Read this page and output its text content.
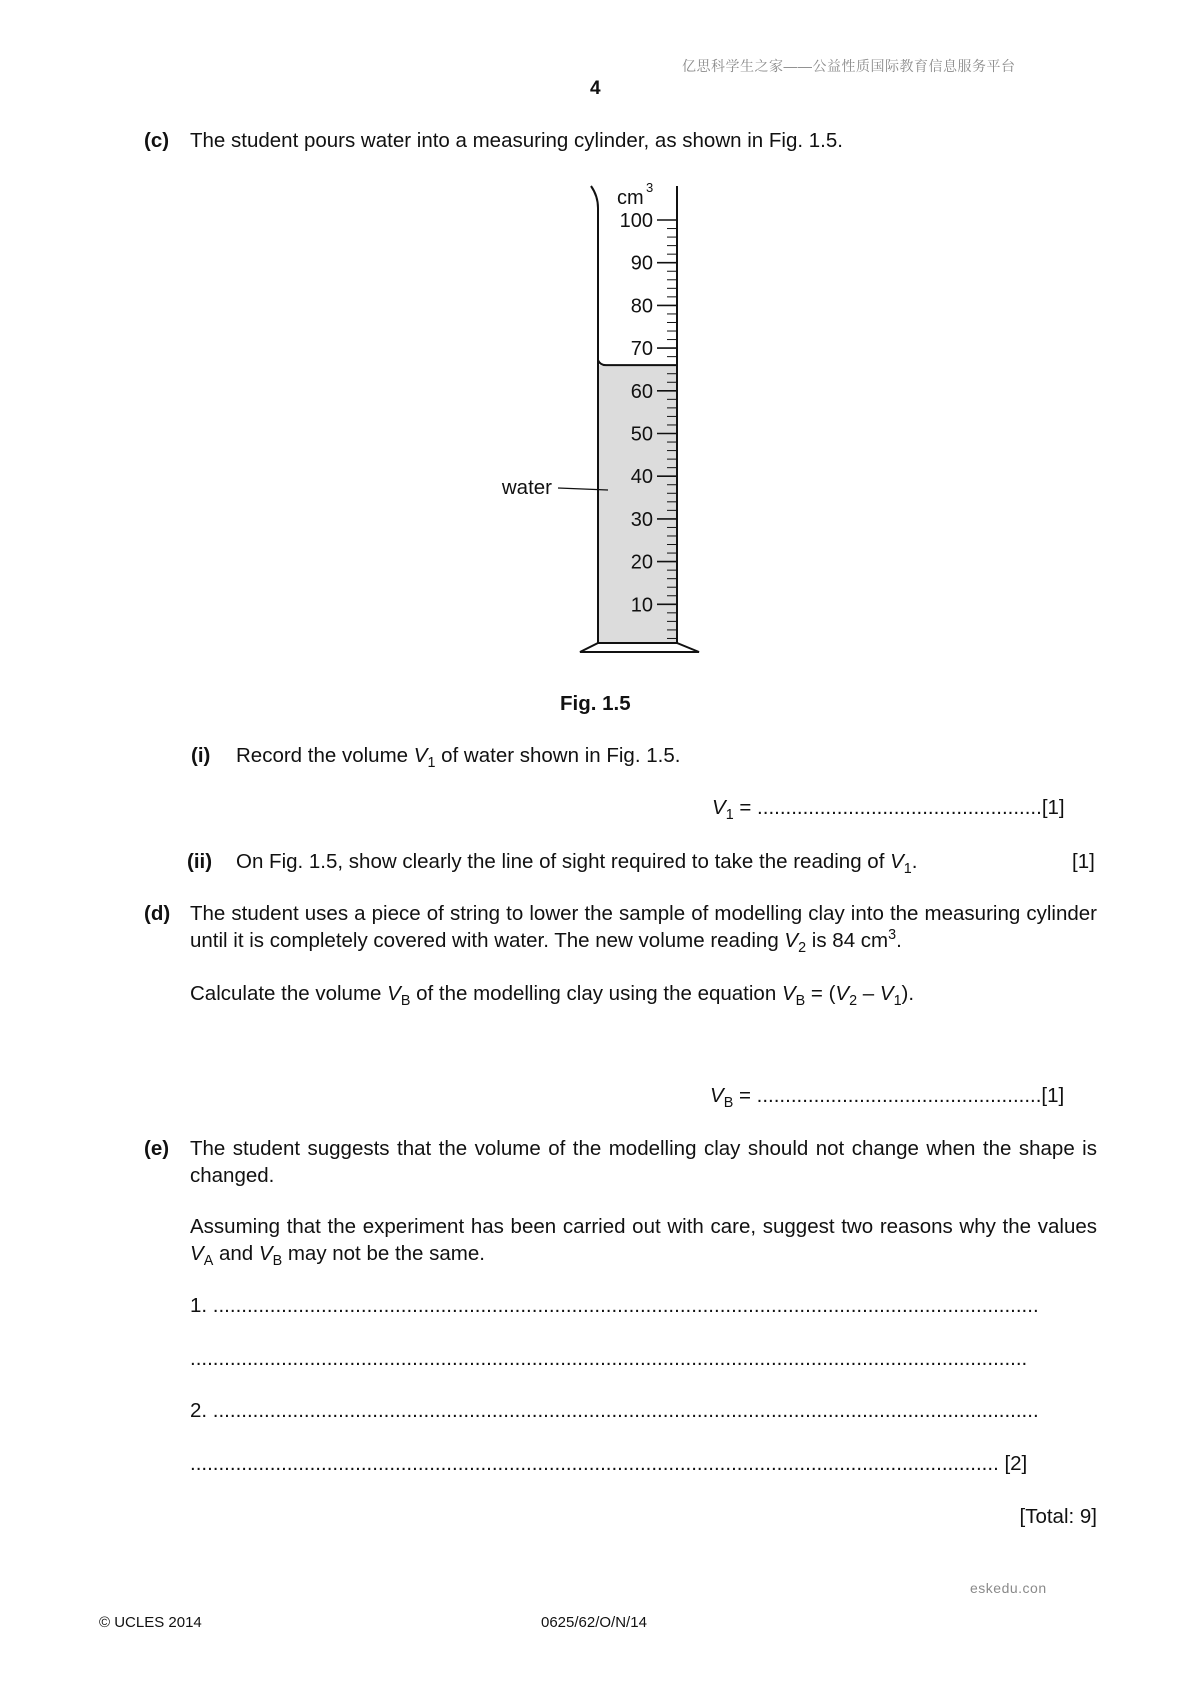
亿思科学生之家——公益性质国际教育信息服务平台
4
(c) The student pours water into a measuring cylinder, as shown in Fig. 1.5.
cm 3
100
90
80
70
60
50
40
30
20
10
water
Fig. 1.5
(i) Record the volume $V_1$ of water shown in Fig. 1.5.
$V_1 = ..................................................[1]$
(ii) On Fig. 1.5, show clearly the line of sight required to take the reading of $V_1$.	[1]
(d) The student uses a piece of string to lower the sample of modelling clay into the measuring cylinder until it is completely covered with water. The new volume reading $V_2$ is 84 $cm^3$.
Calculate the volume $V_B$ of the modelling clay using the equation $V_B = (V_2 - V_1)$.
$V_B = ..................................................[1]$
(e) The student suggests that the volume of the modelling clay should not change when the shape is changed.
Assuming that the experiment has been carried out with care, suggest two reasons why the values $V_A$ and $V_B$ may not be the same.
1. .................................................................................................................................................
...................................................................................................................................................
2. .................................................................................................................................................
.............................................................................................................................................. [2]
[Total: 9]
eskedu.con
© UCLES 2014	0625/62/O/N/14
